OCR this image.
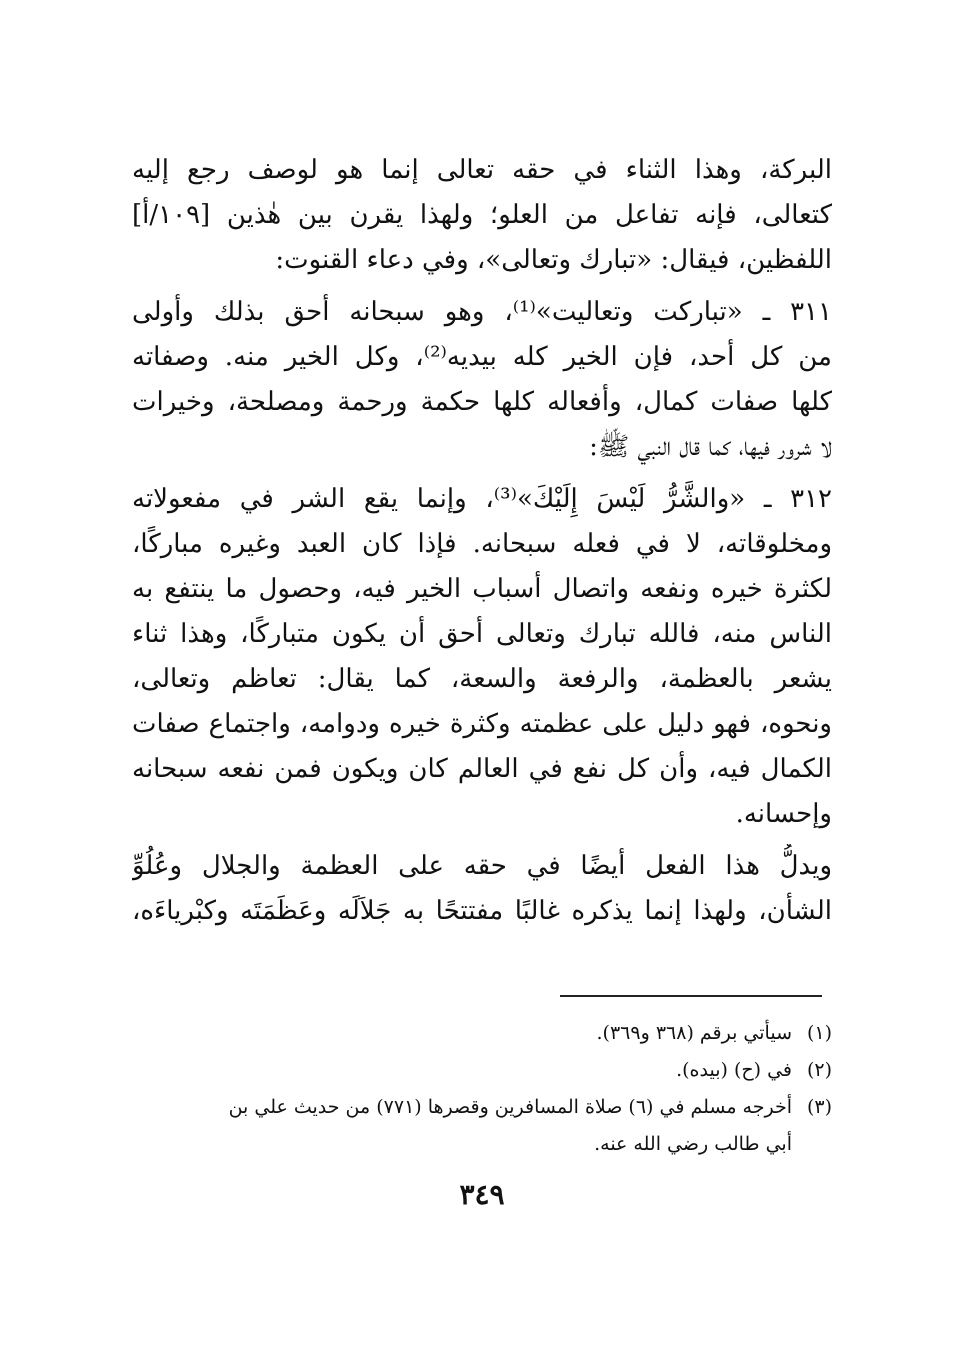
البركة، وهذا الثناء في حقه تعالى إنما هو لوصف رجع إليه
كتعالى، فإنه تفاعل من العلو؛ ولهذا يقرن بين هٰذين [١٠٩/أ]
اللفظين، فيقال: «تبارك وتعالى»، وفي دعاء القنوت:
٣١١ ـ «تباركت وتعاليت»⁽¹⁾، وهو سبحانه أحق بذلك وأولى
من كل أحد، فإن الخير كله بيديه⁽²⁾، وكل الخير منه. وصفاته
كلها صفات كمال، وأفعاله كلها حكمة ورحمة ومصلحة، وخيرات
لا شرور فيها، كما قال النبي ﷺ:
٣١٢ ـ «والشَّرُّ لَيْسَ إِلَيْكَ»⁽³⁾، وإنما يقع الشر في مفعولاته
ومخلوقاته، لا في فعله سبحانه. فإذا كان العبد وغيره مباركًا،
لكثرة خيره ونفعه واتصال أسباب الخير فيه، وحصول ما ينتفع به
الناس منه، فالله تبارك وتعالى أحق أن يكون متباركًا، وهذا ثناء
يشعر بالعظمة، والرفعة والسعة، كما يقال: تعاظم وتعالى،
ونحوه، فهو دليل على عظمته وكثرة خيره ودوامه، واجتماع صفات
الكمال فيه، وأن كل نفع في العالم كان ويكون فمن نفعه سبحانه
وإحسانه.
ويدلُّ هذا الفعل أيضًا في حقه على العظمة والجلال وعُلُوِّ
الشأن، ولهذا إنما يذكره غالبًا مفتتحًا به جَلاَلَه وعَظَمَتَه وكبْرياءَه،
(١)
سيأتي برقم (٣٦٨ و٣٦٩).
(٢)
في (ح) (بيده).
(٣)
أخرجه مسلم في (٦) صلاة المسافرين وقصرها (٧٧١) من حديث علي بن
أبي طالب رضي الله عنه.
٣٤٩
